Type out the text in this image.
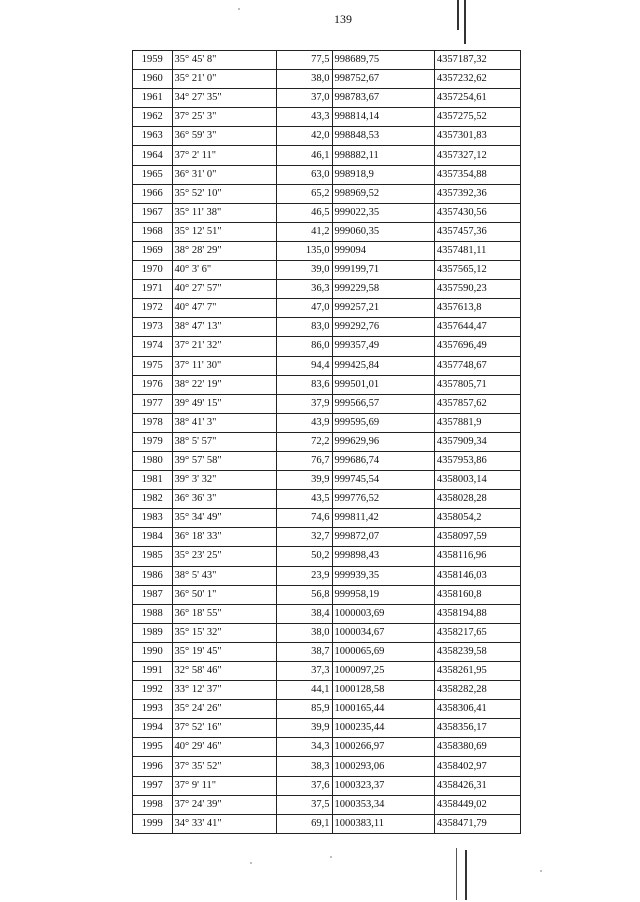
139
1959	35° 45' 8"	77,5	998689,75	4357187,32
1960	35° 21' 0"	38,0	998752,67	4357232,62
1961	34° 27' 35"	37,0	998783,67	4357254,61
1962	37° 25' 3"	43,3	998814,14	4357275,52
1963	36° 59' 3"	42,0	998848,53	4357301,83
1964	37° 2' 11"	46,1	998882,11	4357327,12
1965	36° 31' 0"	63,0	998918,9	4357354,88
1966	35° 52' 10"	65,2	998969,52	4357392,36
1967	35° 11' 38"	46,5	999022,35	4357430,56
1968	35° 12' 51"	41,2	999060,35	4357457,36
1969	38° 28' 29"	135,0	999094	4357481,11
1970	40° 3' 6"	39,0	999199,71	4357565,12
1971	40° 27' 57"	36,3	999229,58	4357590,23
1972	40° 47' 7"	47,0	999257,21	4357613,8
1973	38° 47' 13"	83,0	999292,76	4357644,47
1974	37° 21' 32"	86,0	999357,49	4357696,49
1975	37° 11' 30"	94,4	999425,84	4357748,67
1976	38° 22' 19"	83,6	999501,01	4357805,71
1977	39° 49' 15"	37,9	999566,57	4357857,62
1978	38° 41' 3"	43,9	999595,69	4357881,9
1979	38° 5' 57"	72,2	999629,96	4357909,34
1980	39° 57' 58"	76,7	999686,74	4357953,86
1981	39° 3' 32"	39,9	999745,54	4358003,14
1982	36° 36' 3"	43,5	999776,52	4358028,28
1983	35° 34' 49"	74,6	999811,42	4358054,2
1984	36° 18' 33"	32,7	999872,07	4358097,59
1985	35° 23' 25"	50,2	999898,43	4358116,96
1986	38° 5' 43"	23,9	999939,35	4358146,03
1987	36° 50' 1"	56,8	999958,19	4358160,8
1988	36° 18' 55"	38,4	1000003,69	4358194,88
1989	35° 15' 32"	38,0	1000034,67	4358217,65
1990	35° 19' 45"	38,7	1000065,69	4358239,58
1991	32° 58' 46"	37,3	1000097,25	4358261,95
1992	33° 12' 37"	44,1	1000128,58	4358282,28
1993	35° 24' 26"	85,9	1000165,44	4358306,41
1994	37° 52' 16"	39,9	1000235,44	4358356,17
1995	40° 29' 46"	34,3	1000266,97	4358380,69
1996	37° 35' 52"	38,3	1000293,06	4358402,97
1997	37° 9' 11"	37,6	1000323,37	4358426,31
1998	37° 24' 39"	37,5	1000353,34	4358449,02
1999	34° 33' 41"	69,1	1000383,11	4358471,79
